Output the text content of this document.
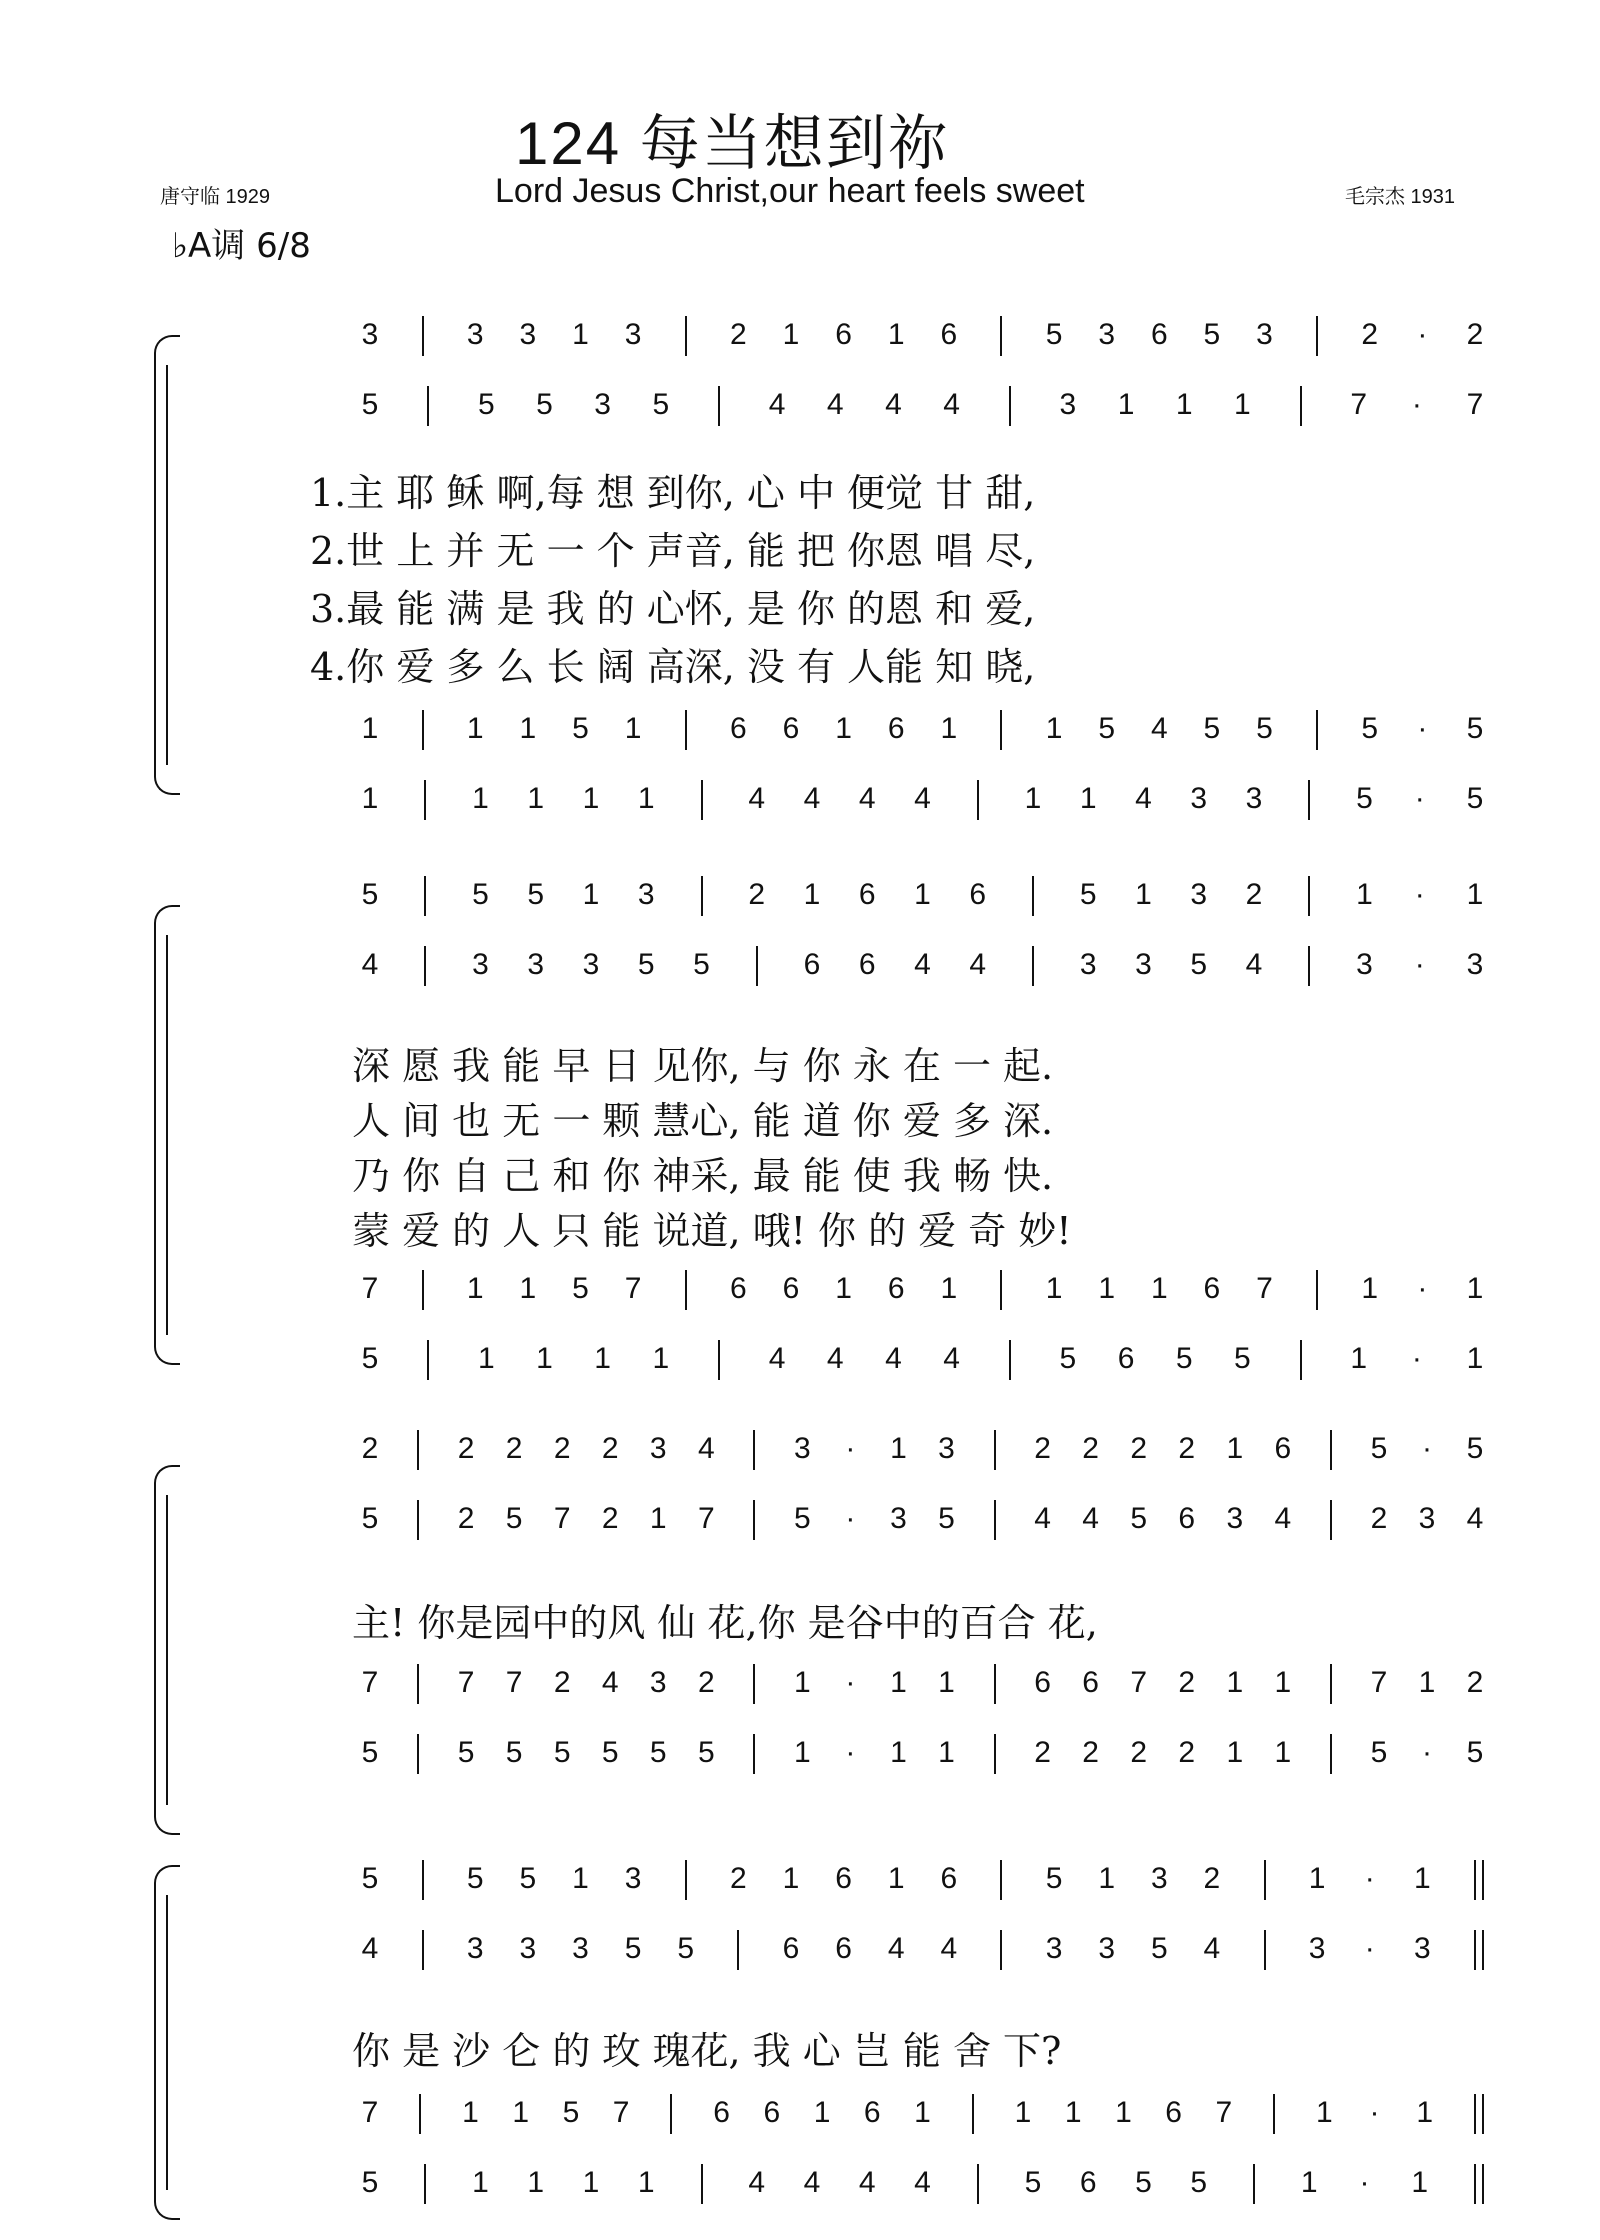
124 每当想到祢
唐守临 1929	Lord Jesus Christ,our heart feels sweet	毛宗杰 1931
♭A调 6/8
3	3 3 1 3	2 1 6 1 6	5 3 6 5 3	2	·	2
5	5 5 3 5	4 4 4 4	3 1 1 1	7	·	7
1	1 1 5 1	6 6 1 6 1	1 5 4 5 5	5	·	5
1	1 1 1 1	4 4 4 4	1 1 4 3 3	5	·	5
1.主 耶 稣 啊,每 想 到你, 心 中 便觉 甘 甜,
2.世 上 并 无 一 个 声音, 能 把 你恩 唱 尽,
3.最 能 满 是 我 的 心怀, 是 你 的恩 和 爱,
4.你 爱 多 么 长 阔 高深, 没 有 人能 知 晓,
5	5 5 1 3	2 1 6 1 6	5 1 3 2	1	·	1
4	3 3 3 5 5	6 6 4 4	3 3 5 4	3	·	3
7	1 1 5 7	6 6 1 6 1	1 1 1 6 7	1	·	1
5	1 1 1 1	4 4 4 4	5 6 5 5	1	·	1
深 愿 我 能 早 日 见你, 与 你 永 在 一 起.
人 间 也 无 一 颗 慧心, 能 道 你 爱 多 深.
乃 你 自 己 和 你 神采, 最 能 使 我 畅 快.
蒙 爱 的 人 只 能 说道, 哦! 你 的 爱 奇 妙!
2	2 2 2 2 3 4	3	·	1 3	2 2 2 2 1 6	5	·	5
5	2 5 7 2 1 7	5	·	3 5	4 4 5 6 3 4	2 3 4
7	7 7 2 4 3 2	1	·	1 1	6 6 7 2 1 1	7 1 2
5	5 5 5 5 5 5	1	·	1 1	2 2 2 2 1 1	5	·	5
主! 你是园中的风 仙 花,你 是谷中的百合 花,
5	5 5 1 3	2 1 6 1 6	5 1 3 2	1	·	1
4	3 3 3 5 5	6 6 4 4	3 3 5 4	3	·	3
7	1 1 5 7	6 6 1 6 1	1 1 1 6 7	1	·	1
5	1 1 1 1	4 4 4 4	5 6 5 5	1	·	1
你 是 沙 仑 的 玫 瑰花, 我 心 岂 能 舍 下?
